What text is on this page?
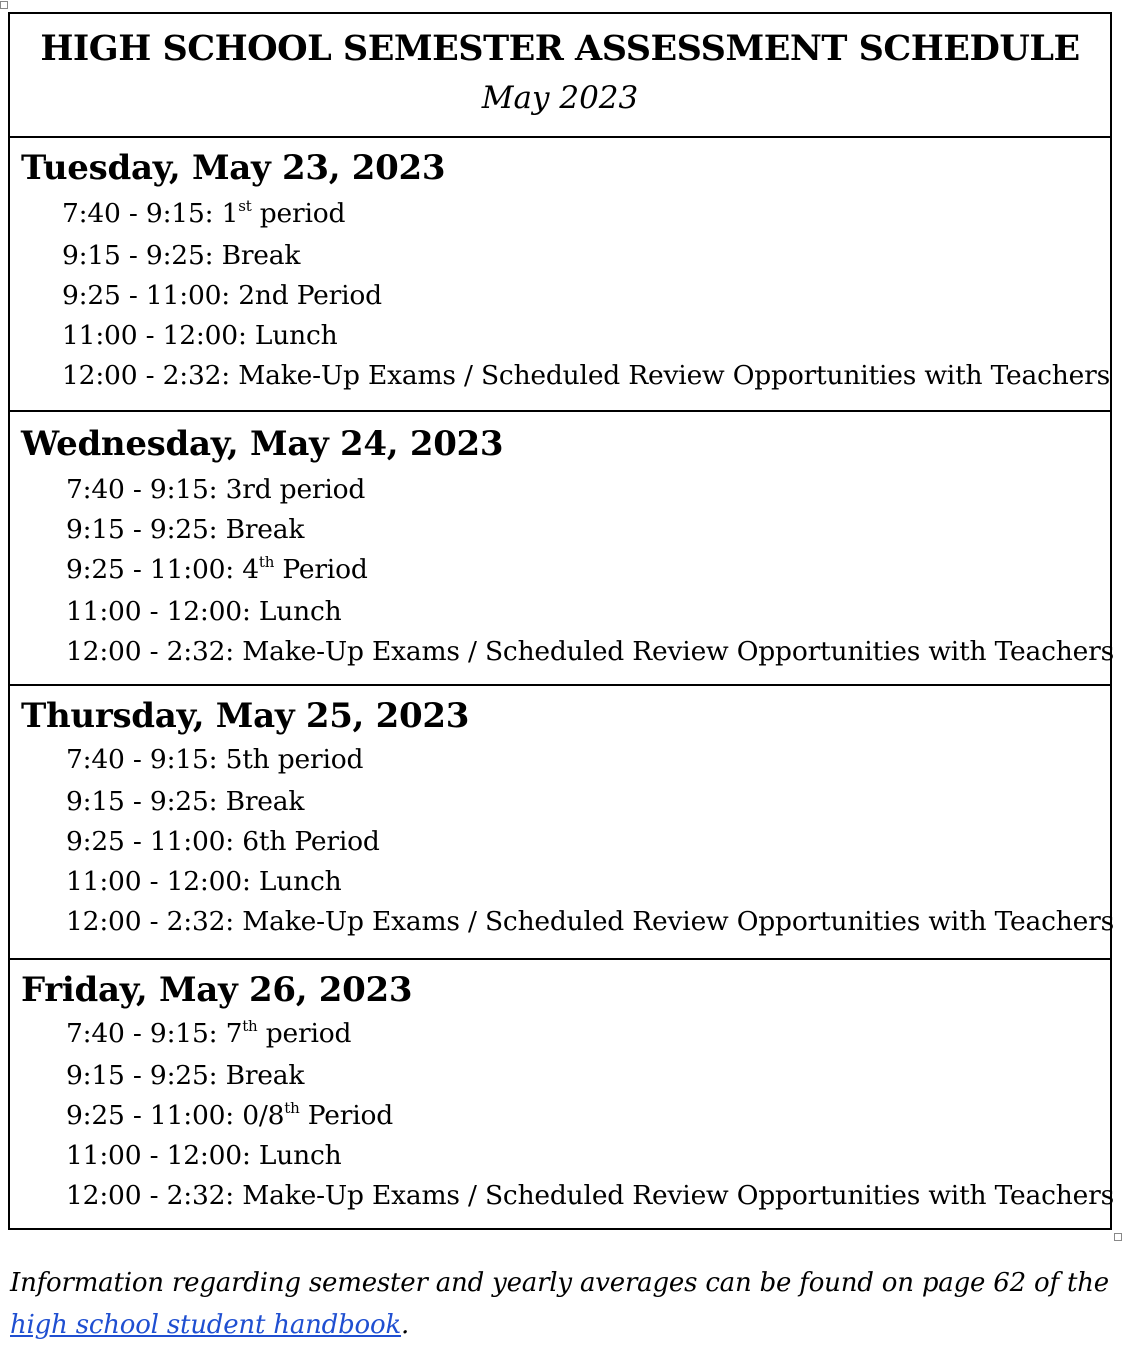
HIGH SCHOOL SEMESTER ASSESSMENT SCHEDULE
May 2023
Tuesday, May 23, 2023
7:40 - 9:15: 1st period
9:15 - 9:25: Break
9:25 - 11:00: 2nd Period
11:00 - 12:00: Lunch
12:00 - 2:32: Make-Up Exams / Scheduled Review Opportunities with Teachers
Wednesday, May 24, 2023
7:40 - 9:15: 3rd period
9:15 - 9:25: Break
9:25 - 11:00: 4th Period
11:00 - 12:00: Lunch
12:00 - 2:32: Make-Up Exams / Scheduled Review Opportunities with Teachers
Thursday, May 25, 2023
7:40 - 9:15: 5th period
9:15 - 9:25: Break
9:25 - 11:00: 6th Period
11:00 - 12:00: Lunch
12:00 - 2:32: Make-Up Exams / Scheduled Review Opportunities with Teachers
Friday, May 26, 2023
7:40 - 9:15: 7th period
9:15 - 9:25: Break
9:25 - 11:00: 0/8th Period
11:00 - 12:00: Lunch
12:00 - 2:32: Make-Up Exams / Scheduled Review Opportunities with Teachers
Information regarding semester and yearly averages can be found on page 62 of the high school student handbook.
